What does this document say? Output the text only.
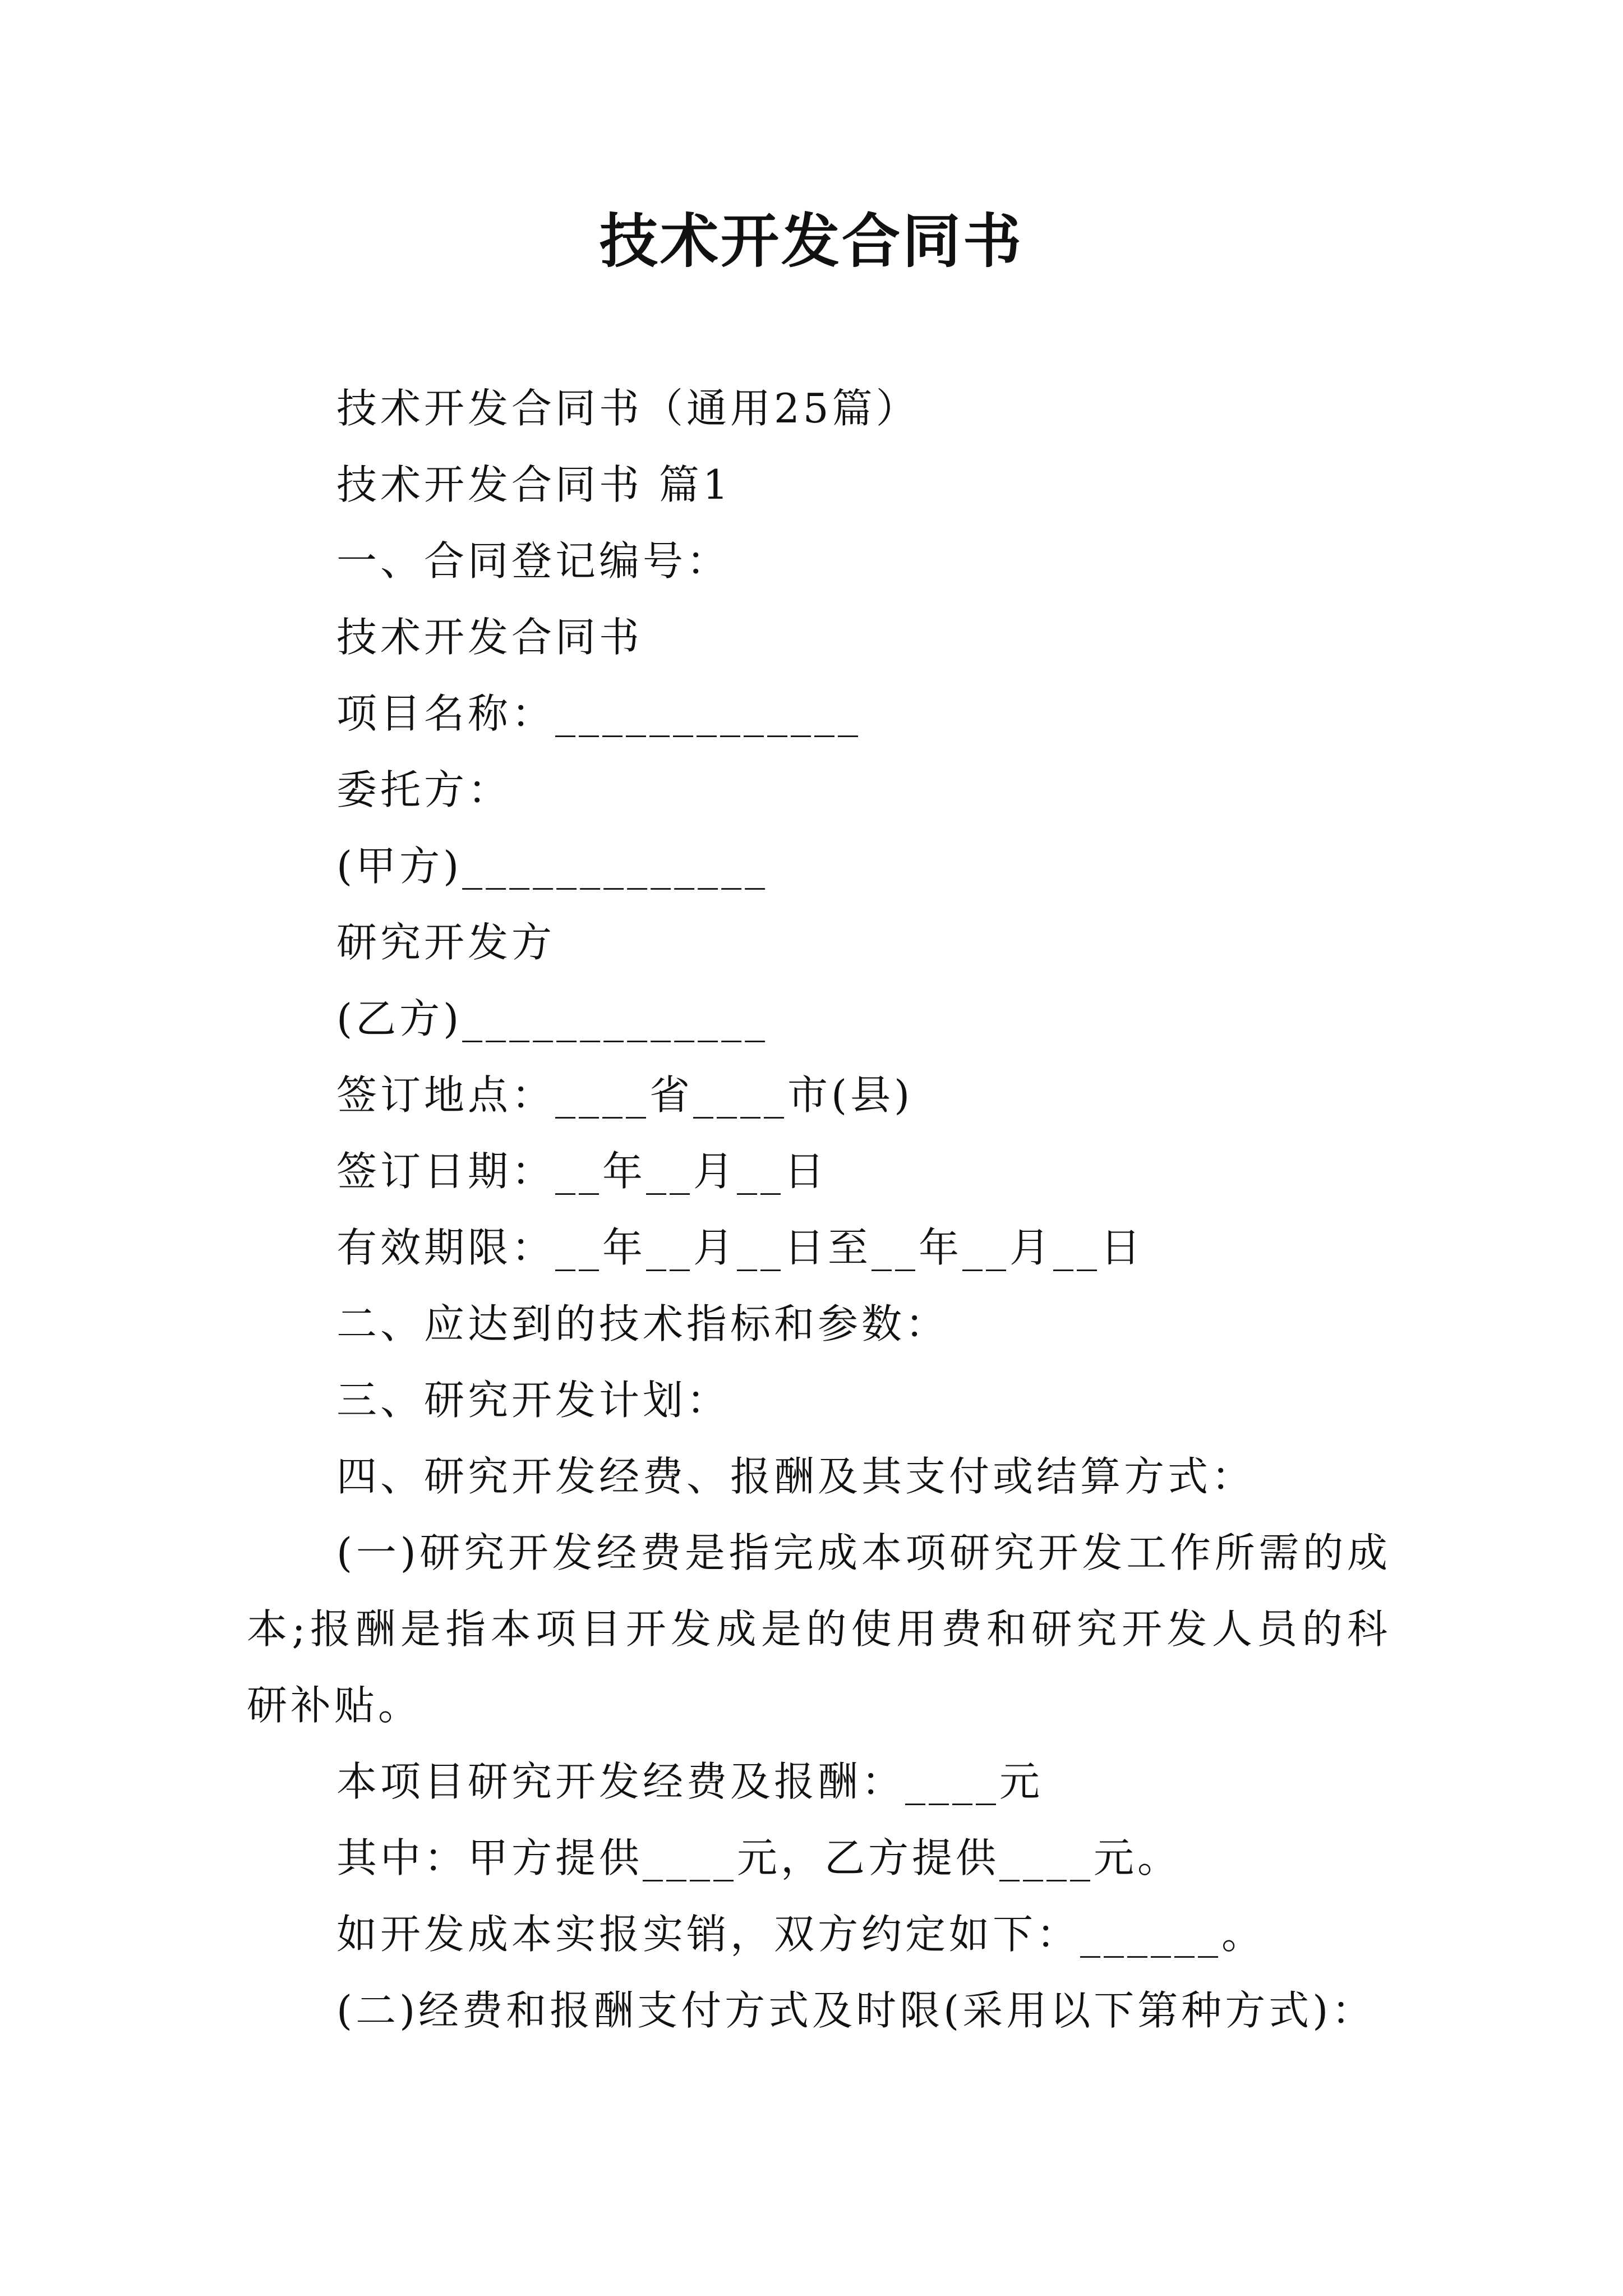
技术开发合同书

技术开发合同书（通用25篇）

技术开发合同书 篇1

一、合同登记编号：

技术开发合同书

项目名称：_____________

委托方：

(甲方)_____________

研究开发方

(乙方)_____________

签订地点：____省____市(县)

签订日期：__年__月__日

有效期限：__年__月__日至__年__月__日

二、应达到的技术指标和参数：

三、研究开发计划：

四、研究开发经费、报酬及其支付或结算方式：

(一)研究开发经费是指完成本项研究开发工作所需的成本;报酬是指本项目开发成是的使用费和研究开发人员的科研补贴。

本项目研究开发经费及报酬：____元

其中：甲方提供____元，乙方提供____元。

如开发成本实报实销，双方约定如下：______。

(二)经费和报酬支付方式及时限(采用以下第种方式)：
